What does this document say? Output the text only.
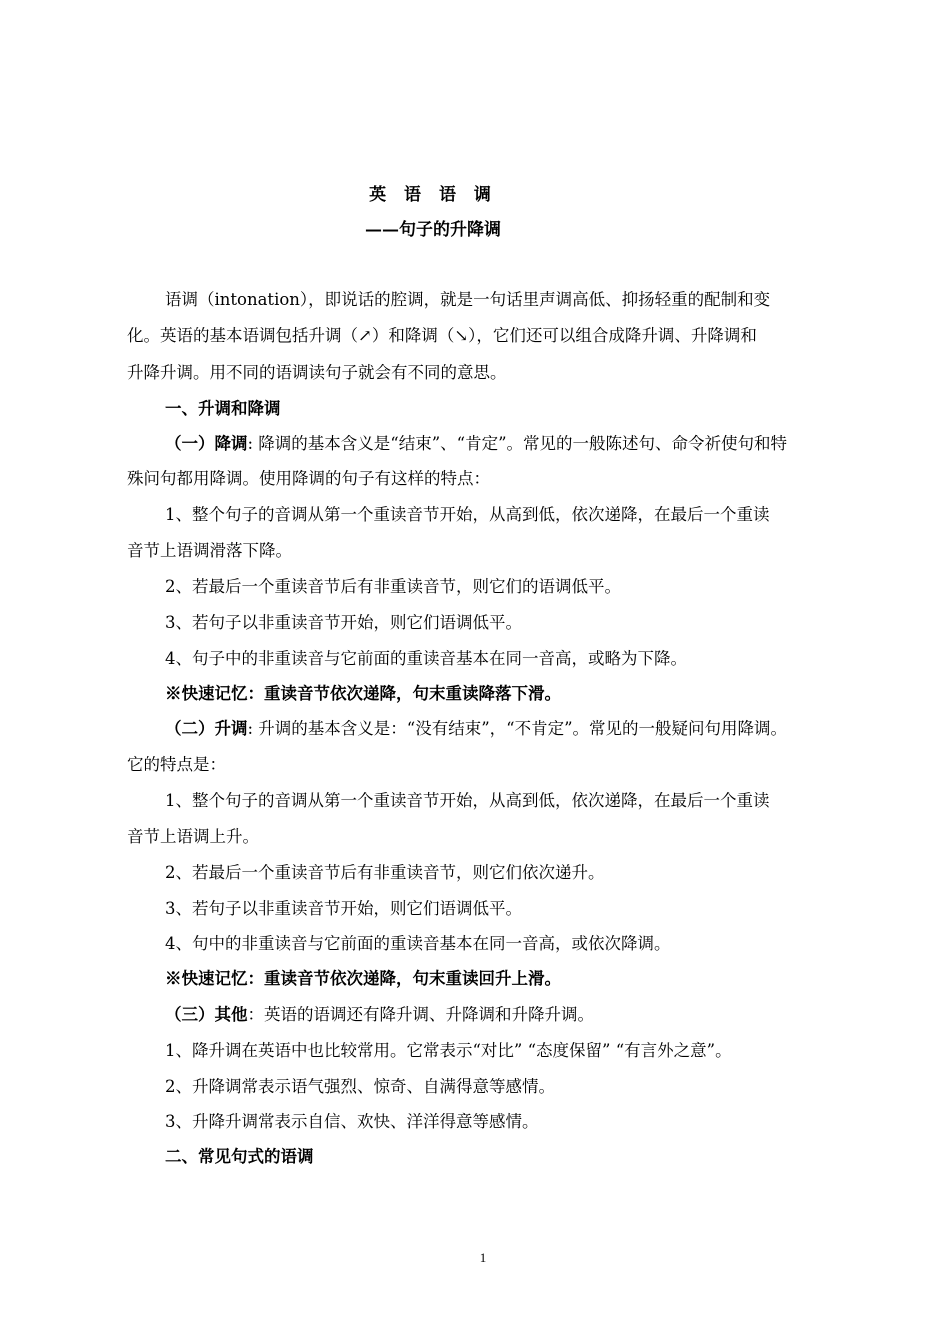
英 语 语 调
——句子的升降调
语调（intonation），即说话的腔调，就是一句话里声调高低、抑扬轻重的配制和变
化。英语的基本语调包括升调（↗）和降调（↘），它们还可以组合成降升调、升降调和
升降升调。用不同的语调读句子就会有不同的意思。
一、升调和降调
（一）降调: 降调的基本含义是“结束”、“肯定”。常见的一般陈述句、命令祈使句和特
殊问句都用降调。使用降调的句子有这样的特点：
1、整个句子的音调从第一个重读音节开始，从高到低，依次递降，在最后一个重读
音节上语调滑落下降。
2、若最后一个重读音节后有非重读音节，则它们的语调低平。
3、若句子以非重读音节开始，则它们语调低平。
4、句子中的非重读音与它前面的重读音基本在同一音高，或略为下降。
※快速记忆：重读音节依次递降，句末重读降落下滑。
（二）升调: 升调的基本含义是：“没有结束”，“不肯定”。常见的一般疑问句用降调。
它的特点是：
1、整个句子的音调从第一个重读音节开始，从高到低，依次递降，在最后一个重读
音节上语调上升。
2、若最后一个重读音节后有非重读音节，则它们依次递升。
3、若句子以非重读音节开始，则它们语调低平。
4、句中的非重读音与它前面的重读音基本在同一音高，或依次降调。
※快速记忆：重读音节依次递降，句末重读回升上滑。
（三）其他：英语的语调还有降升调、升降调和升降升调。
1、降升调在英语中也比较常用。它常表示“对比” “态度保留” “有言外之意”。
2、升降调常表示语气强烈、惊奇、自满得意等感情。
3、升降升调常表示自信、欢快、洋洋得意等感情。
二、常见句式的语调
1
